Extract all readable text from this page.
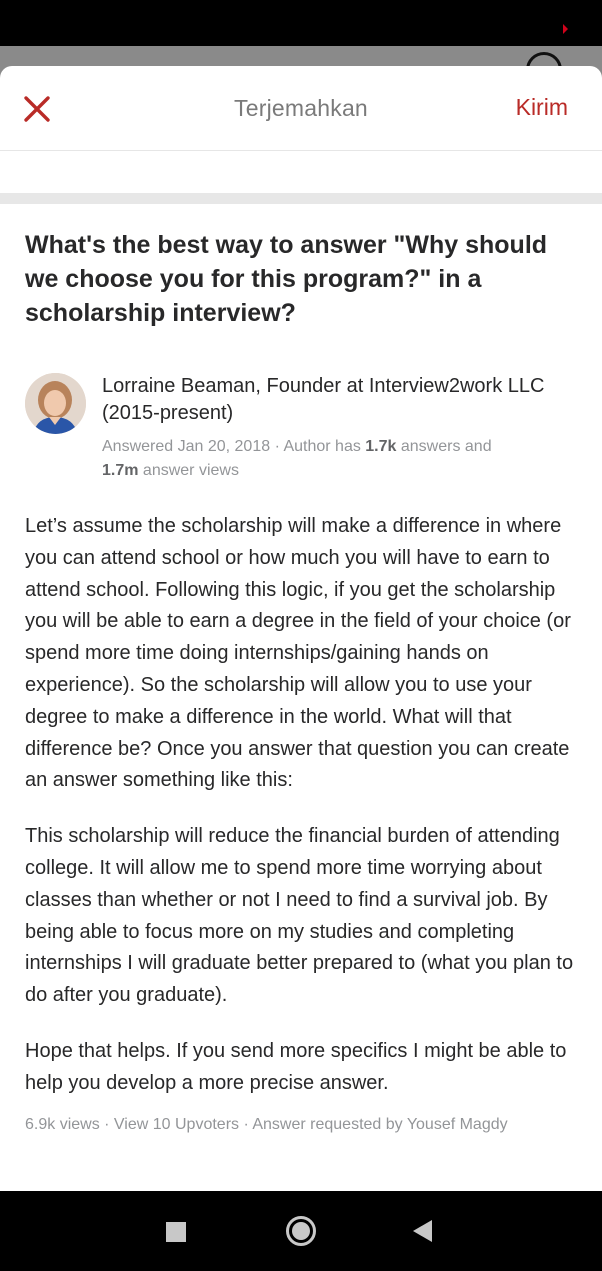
Terjemahkan	Kirim
What's the best way to answer "Why should we choose you for this program?" in a scholarship interview?
Lorraine Beaman, Founder at Interview2work LLC (2015-present)
Answered Jan 20, 2018 · Author has 1.7k answers and
1.7m answer views

Let’s assume the scholarship will make a difference in where you can attend school or how much you will have to earn to attend school. Following this logic, if you get the scholarship you will be able to earn a degree in the field of your choice (or spend more time doing internships/gaining hands on experience). So the scholarship will allow you to use your degree to make a difference in the world. What will that difference be? Once you answer that question you can create an answer something like this:

This scholarship will reduce the financial burden of attending college. It will allow me to spend more time worrying about classes than whether or not I need to find a survival job. By being able to focus more on my studies and completing internships I will graduate better prepared to (what you plan to do after you graduate).

Hope that helps. If you send more specifics I might be able to help you develop a more precise answer.

6.9k views · View 10 Upvoters · Answer requested by Yousef Magdy
